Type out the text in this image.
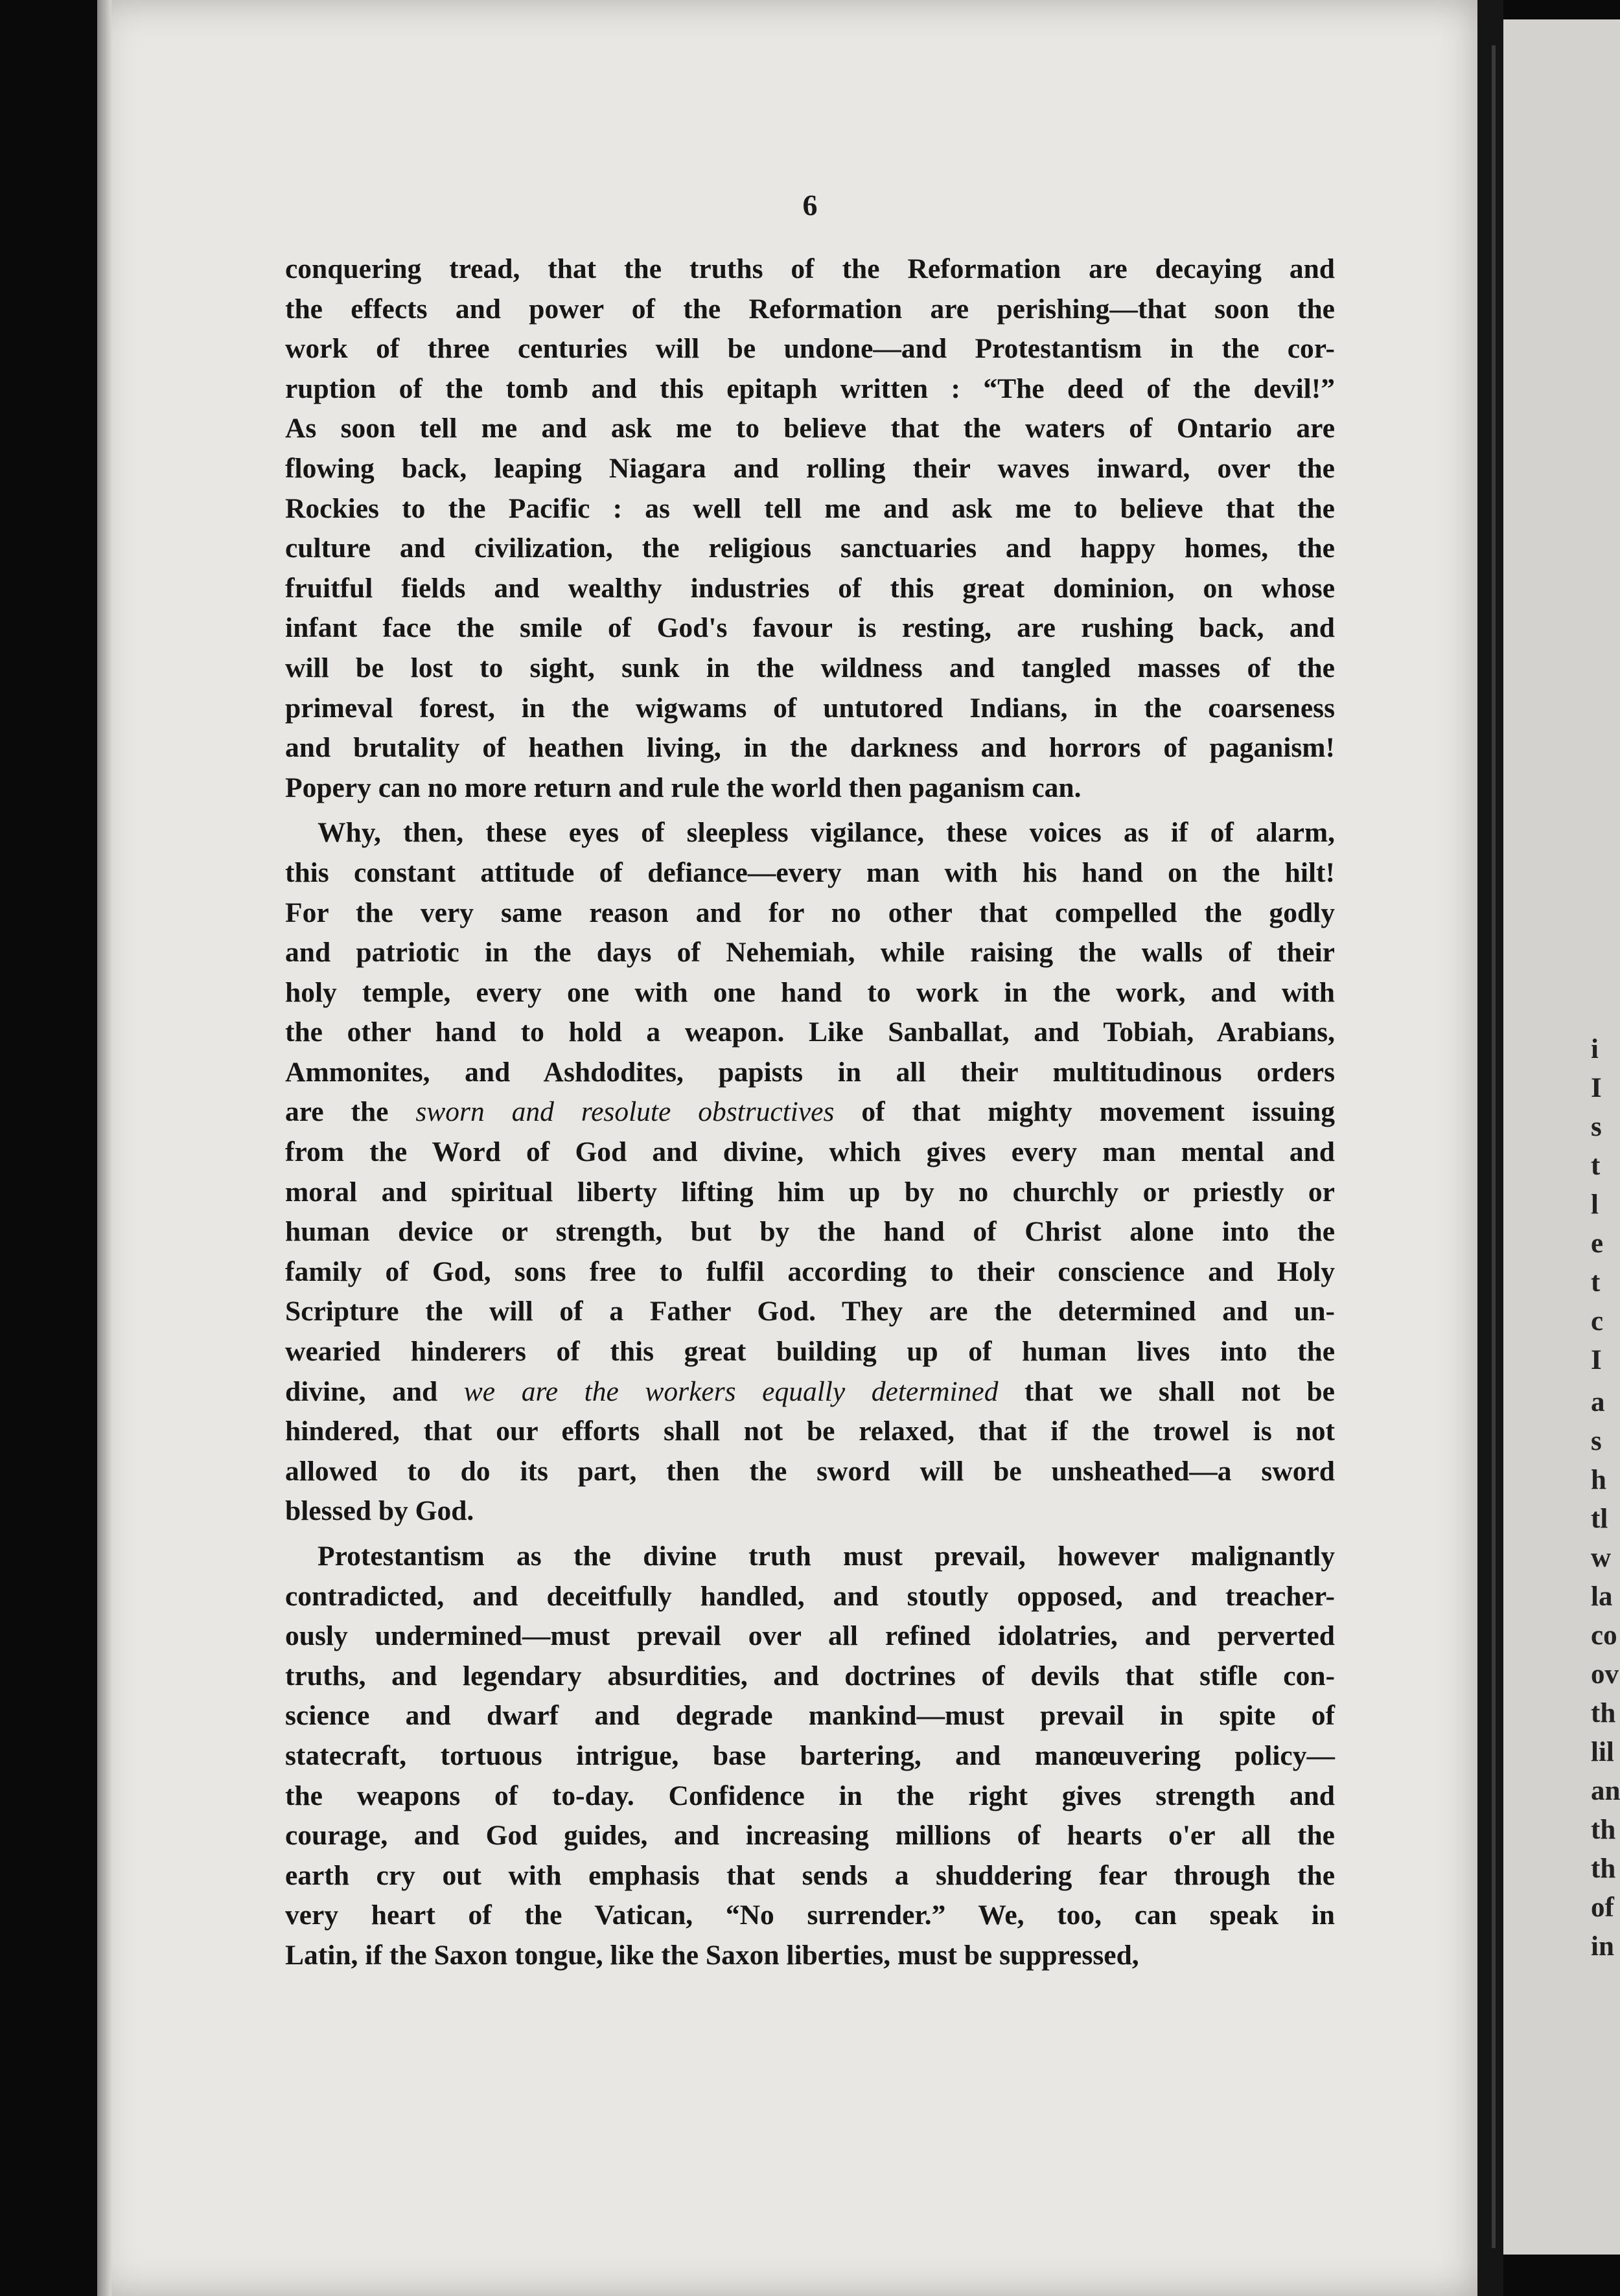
6
conquering tread, that the truths of the Reformation are decaying and
the effects and power of the Reformation are perishing—that soon the
work of three centuries will be undone—and Protestantism in the cor-
ruption of the tomb and this epitaph written : “The deed of the devil!”
As soon tell me and ask me to believe that the waters of Ontario are
flowing back, leaping Niagara and rolling their waves inward, over the
Rockies to the Pacific : as well tell me and ask me to believe that the
culture and civilization, the religious sanctuaries and happy homes, the
fruitful fields and wealthy industries of this great dominion, on whose
infant face the smile of God's favour is resting, are rushing back, and
will be lost to sight, sunk in the wildness and tangled masses of the
primeval forest, in the wigwams of untutored Indians, in the coarseness
and brutality of heathen living, in the darkness and horrors of paganism!
Popery can no more return and rule the world then paganism can.
Why, then, these eyes of sleepless vigilance, these voices as if of alarm,
this constant attitude of defiance—every man with his hand on the hilt!
For the very same reason and for no other that compelled the godly
and patriotic in the days of Nehemiah, while raising the walls of their
holy temple, every one with one hand to work in the work, and with
the other hand to hold a weapon. Like Sanballat, and Tobiah, Arabians,
Ammonites, and Ashdodites, papists in all their multitudinous orders
are the sworn and resolute obstructives of that mighty movement issuing
from the Word of God and divine, which gives every man mental and
moral and spiritual liberty lifting him up by no churchly or priestly or
human device or strength, but by the hand of Christ alone into the
family of God, sons free to fulfil according to their conscience and Holy
Scripture the will of a Father God. They are the determined and un-
wearied hinderers of this great building up of human lives into the
divine, and we are the workers equally determined that we shall not be
hindered, that our efforts shall not be relaxed, that if the trowel is not
allowed to do its part, then the sword will be unsheathed—a sword
blessed by God.
Protestantism as the divine truth must prevail, however malignantly
contradicted, and deceitfully handled, and stoutly opposed, and treacher-
ously undermined—must prevail over all refined idolatries, and perverted
truths, and legendary absurdities, and doctrines of devils that stifle con-
science and dwarf and degrade mankind—must prevail in spite of
statecraft, tortuous intrigue, base bartering, and manœuvering policy—
the weapons of to-day. Confidence in the right gives strength and
courage, and God guides, and increasing millions of hearts o'er all the
earth cry out with emphasis that sends a shuddering fear through the
very heart of the Vatican, “No surrender.” We, too, can speak in
Latin, if the Saxon tongue, like the Saxon liberties, must be suppressed,
i
I
s
t
l
e
t
c
I
a
s
h
tl
w
la
co
ov
th
lil
an
th
th
of
in
